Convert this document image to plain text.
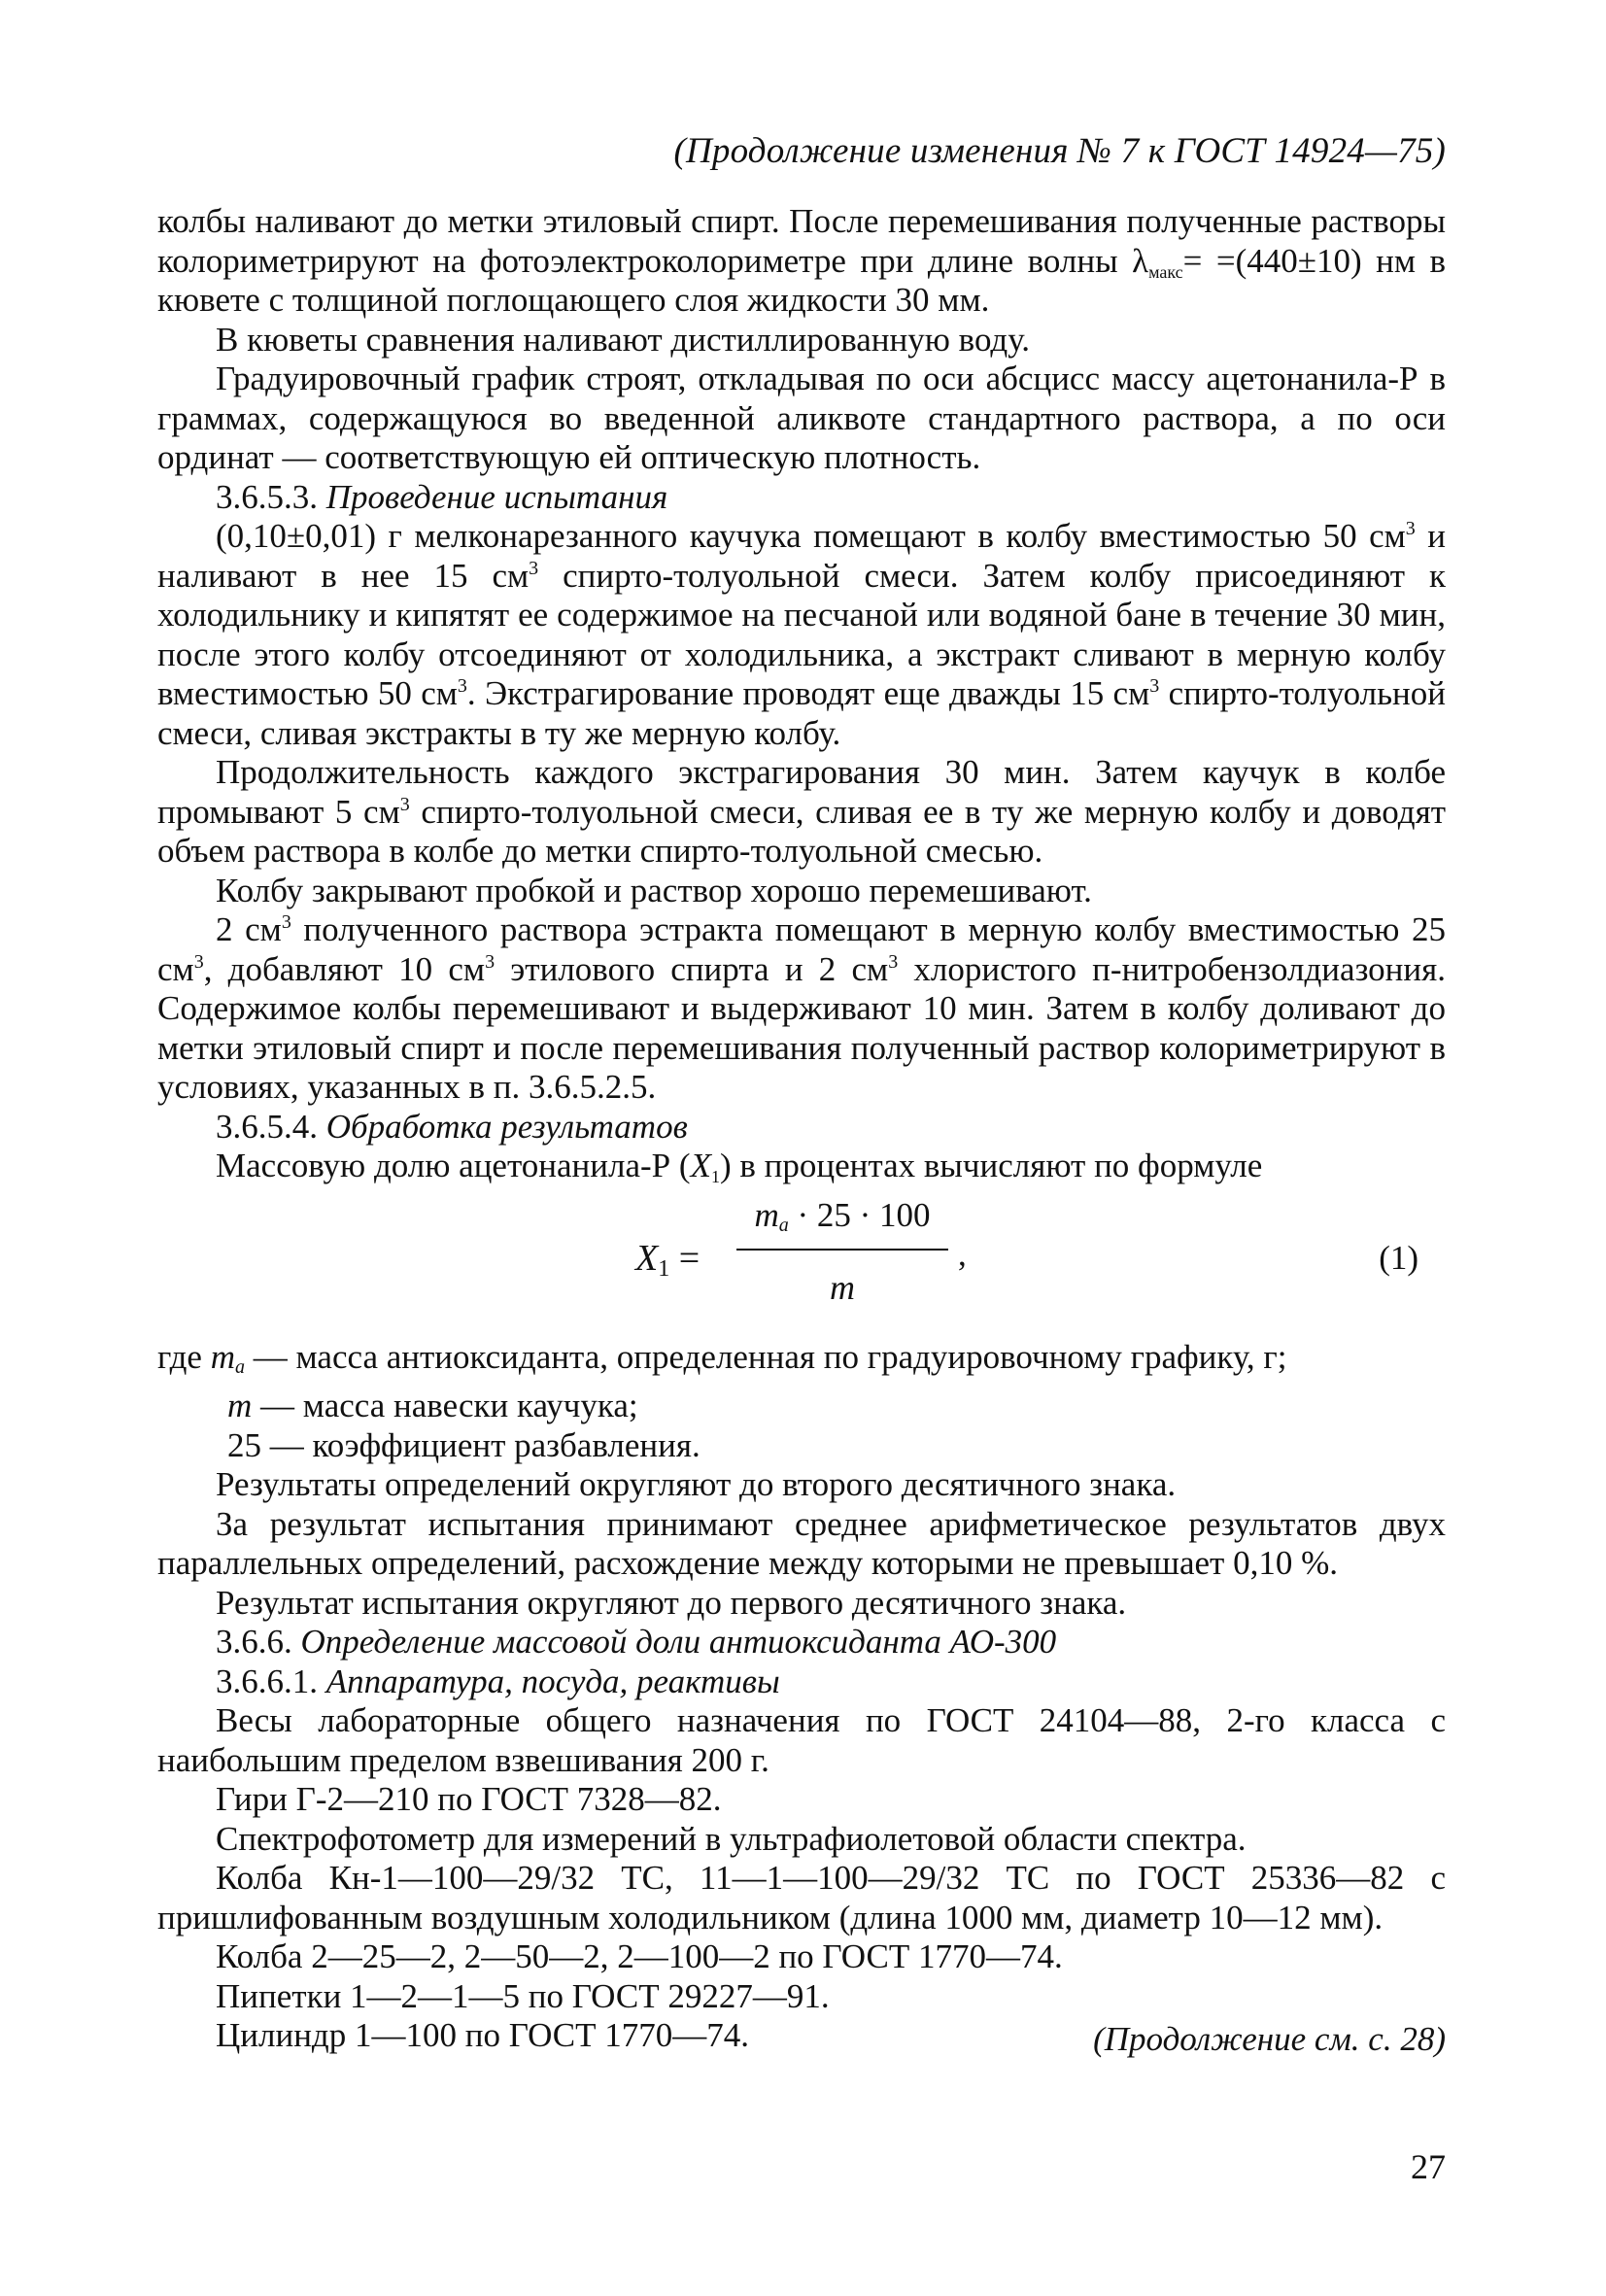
(Продолжение изменения № 7 к ГОСТ 14924—75)

колбы наливают до метки этиловый спирт. После перемешивания полученные растворы колориметрируют на фотоэлектроколориметре при длине волны $\lambda_{макс}= =(440\pm 10)$ нм в кювете с толщиной поглощающего слоя жидкости 30 мм.

В кюветы сравнения наливают дистиллированную воду.

Градуировочный график строят, откладывая по оси абсцисс массу ацетонанила-Р в граммах, содержащуюся во введенной аликвоте стандартного раствора, а по оси ординат — соответствующую ей оптическую плотность.

3.6.5.3. Проведение испытания

(0,10±0,01) г мелконарезанного каучука помещают в колбу вместимостью 50 $см^3$ и наливают в нее 15 $см^3$ спирто-толуольной смеси. Затем колбу присоединяют к холодильнику и кипятят ее содержимое на песчаной или водяной бане в течение 30 мин, после этого колбу отсоединяют от холодильника, а экстракт сливают в мерную колбу вместимостью 50 $см^3$. Экстрагирование проводят еще дважды 15 $см^3$ спирто-толуольной смеси, сливая экстракты в ту же мерную колбу.

Продолжительность каждого экстрагирования 30 мин. Затем каучук в колбе промывают 5 $см^3$ спирто-толуольной смеси, сливая ее в ту же мерную колбу и доводят объем раствора в колбе до метки спирто-толуольной смесью.

Колбу закрывают пробкой и раствор хорошо перемешивают.

2 $см^3$ полученного раствора эстракта помещают в мерную колбу вместимостью 25 $см^3$, добавляют 10 $см^3$ этилового спирта и 2 $см^3$ хлористого п-нитробензолдиазония. Содержимое колбы перемешивают и выдерживают 10 мин. Затем в колбу доливают до метки этиловый спирт и после перемешивания полученный раствор колориметрируют в условиях, указанных в п. 3.6.5.2.5.

3.6.5.4. Обработка результатов

Массовую долю ацетонанила-Р $(X_1)$ в процентах вычисляют по формуле

X1 =
ma · 25 · 100
m
,	(1)

где ma — масса антиоксиданта, определенная по градуировочному графику, г;

m — масса навески каучука;

25 — коэффициент разбавления.

Результаты определений округляют до второго десятичного знака.

За результат испытания принимают среднее арифметическое результатов двух параллельных определений, расхождение между которыми не превышает 0,10 %.

Результат испытания округляют до первого десятичного знака.

3.6.6. Определение массовой доли антиоксиданта АО-300

3.6.6.1. Аппаратура, посуда, реактивы

Весы лабораторные общего назначения по ГОСТ 24104—88, 2-го класса с наибольшим пределом взвешивания 200 г.

Гири Г-2—210 по ГОСТ 7328—82.

Спектрофотометр для измерений в ультрафиолетовой области спектра.

Колба Кн-1—100—29/32 ТС, 11—1—100—29/32 ТС по ГОСТ 25336—82 с пришлифованным воздушным холодильником (длина 1000 мм, диаметр 10—12 мм).

Колба 2—25—2, 2—50—2, 2—100—2 по ГОСТ 1770—74.

Пипетки 1—2—1—5 по ГОСТ 29227—91.

Цилиндр 1—100 по ГОСТ 1770—74.	(Продолжение см. с. 28)
27
